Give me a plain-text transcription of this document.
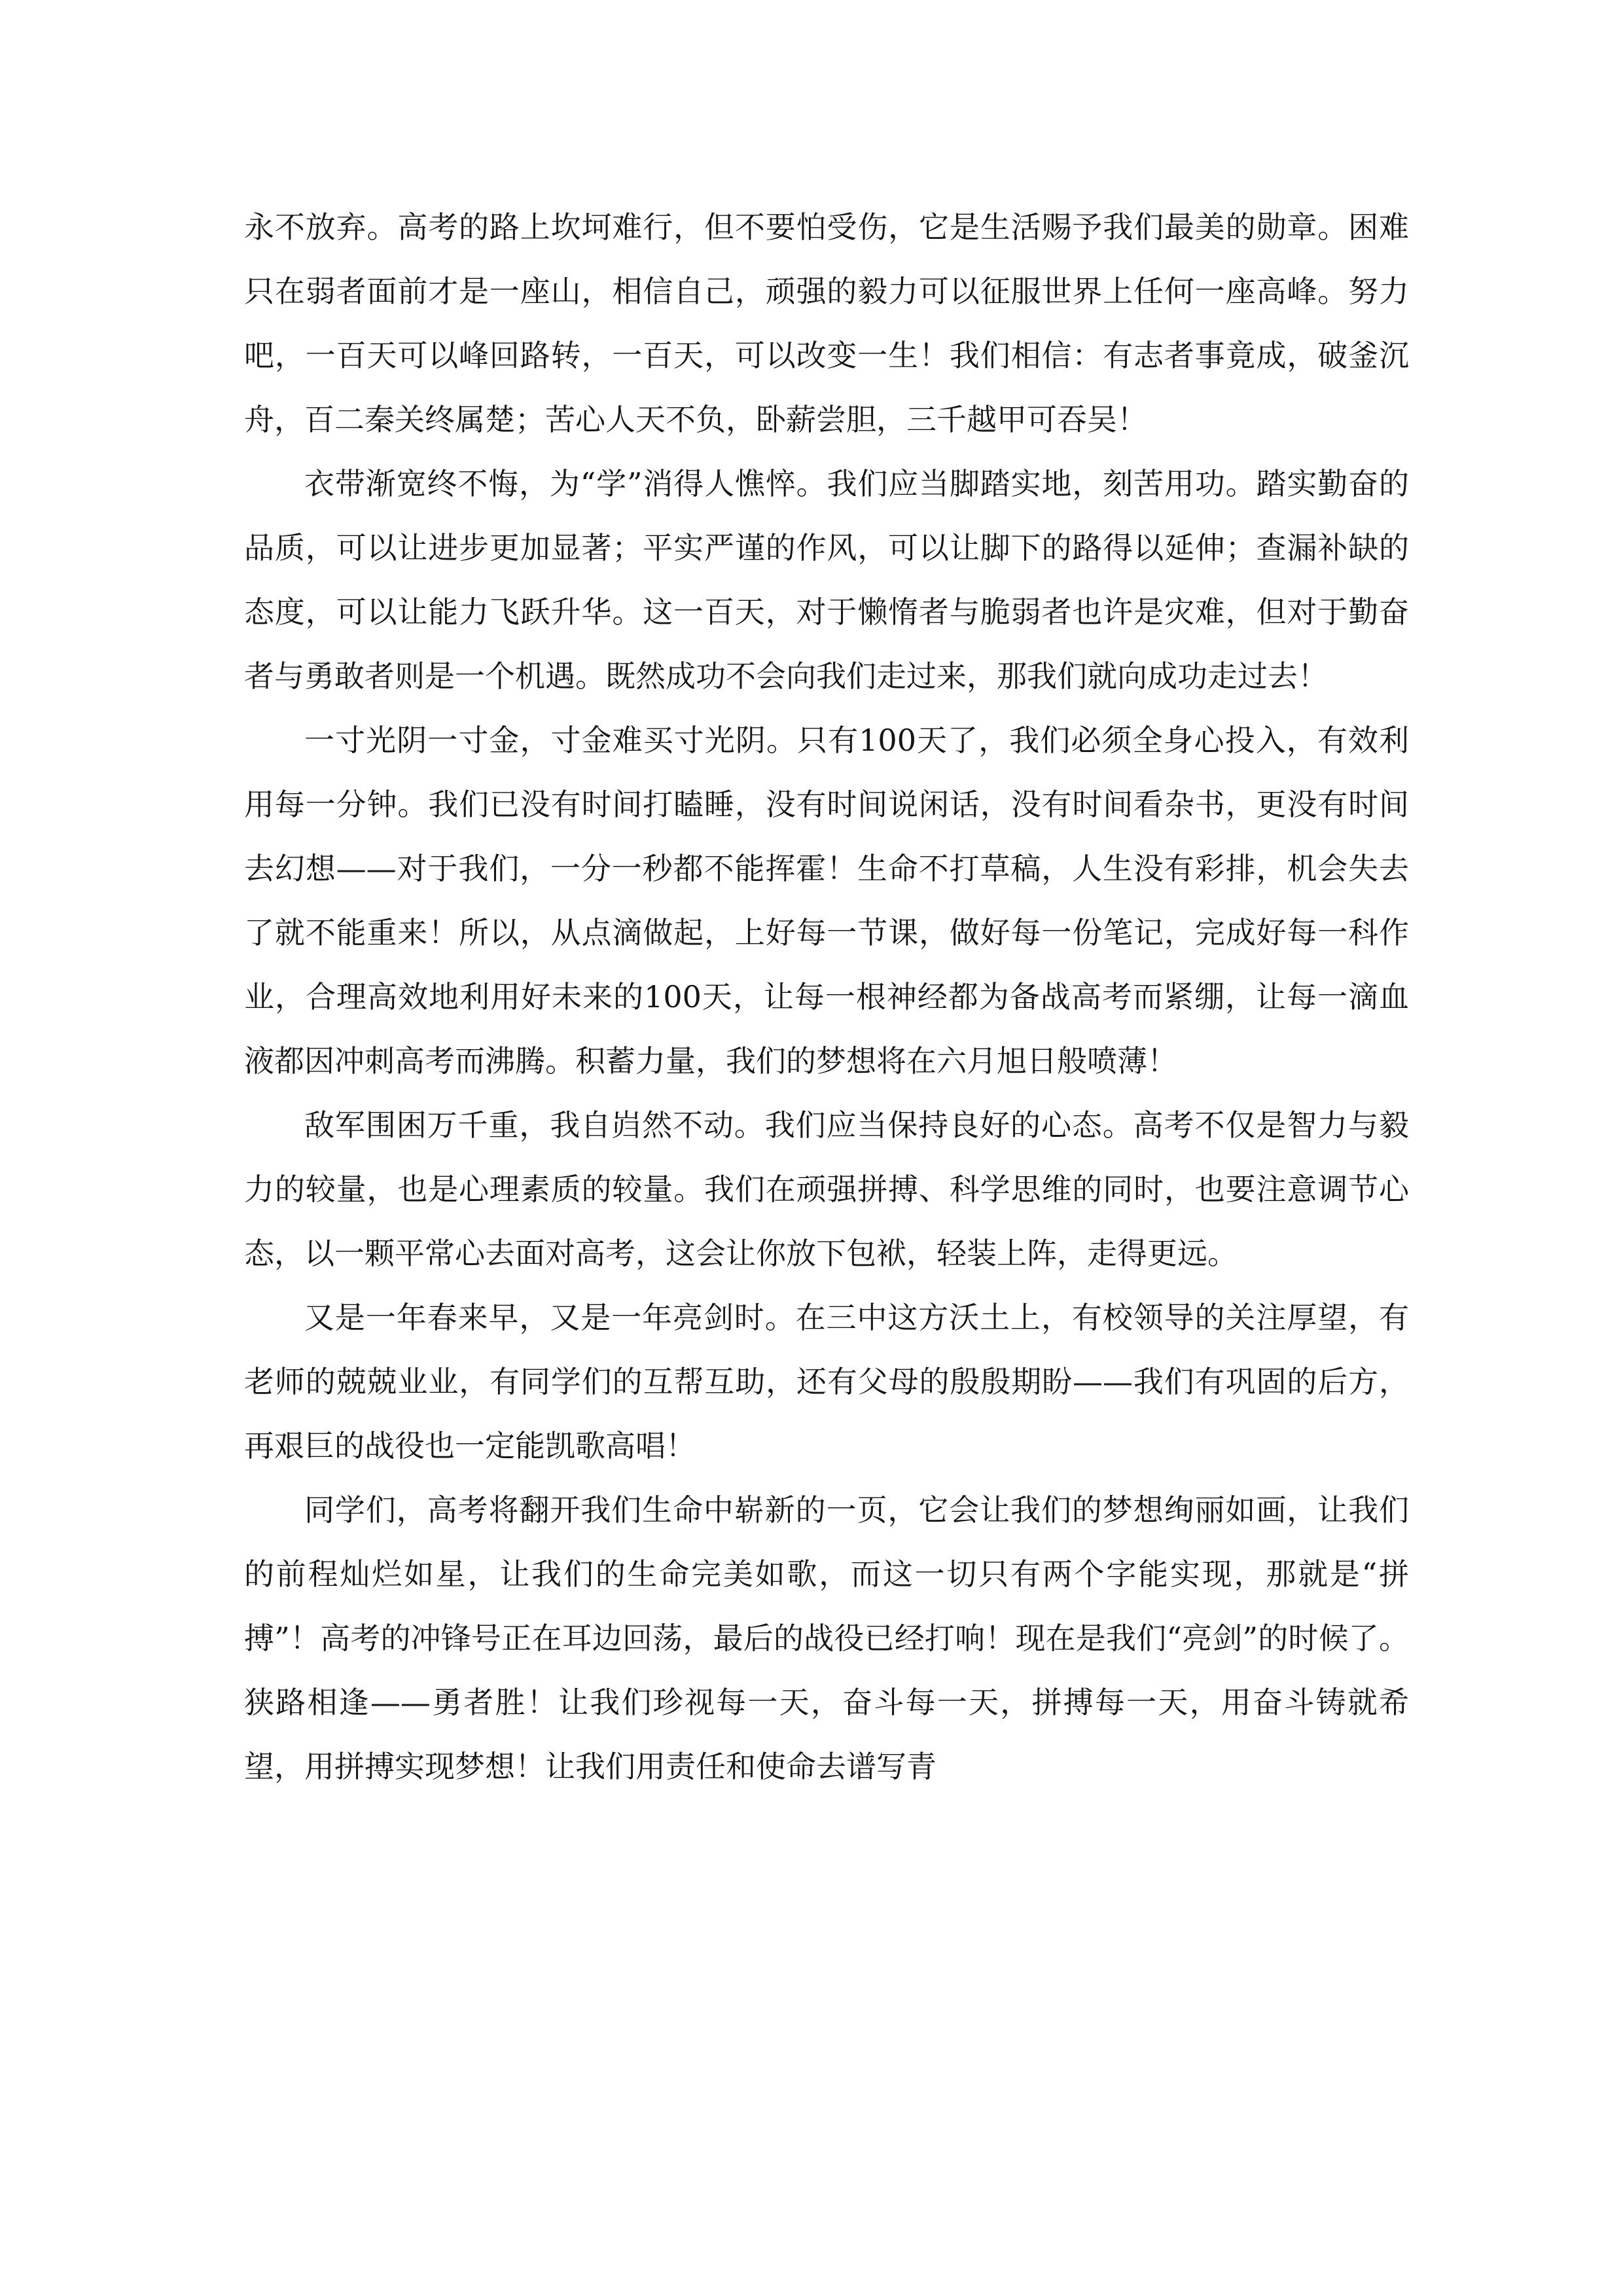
永不放弃。高考的路上坎坷难行，但不要怕受伤，它是生活赐予我们最美的勋章。困难只在弱者面前才是一座山，相信自己，顽强的毅力可以征服世界上任何一座高峰。努力吧，一百天可以峰回路转，一百天，可以改变一生！我们相信：有志者事竟成，破釜沉舟，百二秦关终属楚；苦心人天不负，卧薪尝胆，三千越甲可吞吴！

衣带渐宽终不悔，为“学”消得人憔悴。我们应当脚踏实地，刻苦用功。踏实勤奋的品质，可以让进步更加显著；平实严谨的作风，可以让脚下的路得以延伸；查漏补缺的态度，可以让能力飞跃升华。这一百天，对于懒惰者与脆弱者也许是灾难，但对于勤奋者与勇敢者则是一个机遇。既然成功不会向我们走过来，那我们就向成功走过去！

一寸光阴一寸金，寸金难买寸光阴。只有100天了，我们必须全身心投入，有效利用每一分钟。我们已没有时间打瞌睡，没有时间说闲话，没有时间看杂书，更没有时间去幻想——对于我们，一分一秒都不能挥霍！生命不打草稿，人生没有彩排，机会失去了就不能重来！所以，从点滴做起，上好每一节课，做好每一份笔记，完成好每一科作业，合理高效地利用好未来的100天，让每一根神经都为备战高考而紧绷，让每一滴血液都因冲刺高考而沸腾。积蓄力量，我们的梦想将在六月旭日般喷薄！

敌军围困万千重，我自岿然不动。我们应当保持良好的心态。高考不仅是智力与毅力的较量，也是心理素质的较量。我们在顽强拼搏、科学思维的同时，也要注意调节心态，以一颗平常心去面对高考，这会让你放下包袱，轻装上阵，走得更远。

又是一年春来早，又是一年亮剑时。在三中这方沃土上，有校领导的关注厚望，有老师的兢兢业业，有同学们的互帮互助，还有父母的殷殷期盼——我们有巩固的后方，再艰巨的战役也一定能凯歌高唱！

同学们，高考将翻开我们生命中崭新的一页，它会让我们的梦想绚丽如画，让我们的前程灿烂如星，让我们的生命完美如歌，而这一切只有两个字能实现，那就是“拼搏”！高考的冲锋号正在耳边回荡，最后的战役已经打响！现在是我们“亮剑”的时候了。狭路相逢——勇者胜！让我们珍视每一天，奋斗每一天，拼搏每一天，用奋斗铸就希望，用拼搏实现梦想！让我们用责任和使命去谱写青
